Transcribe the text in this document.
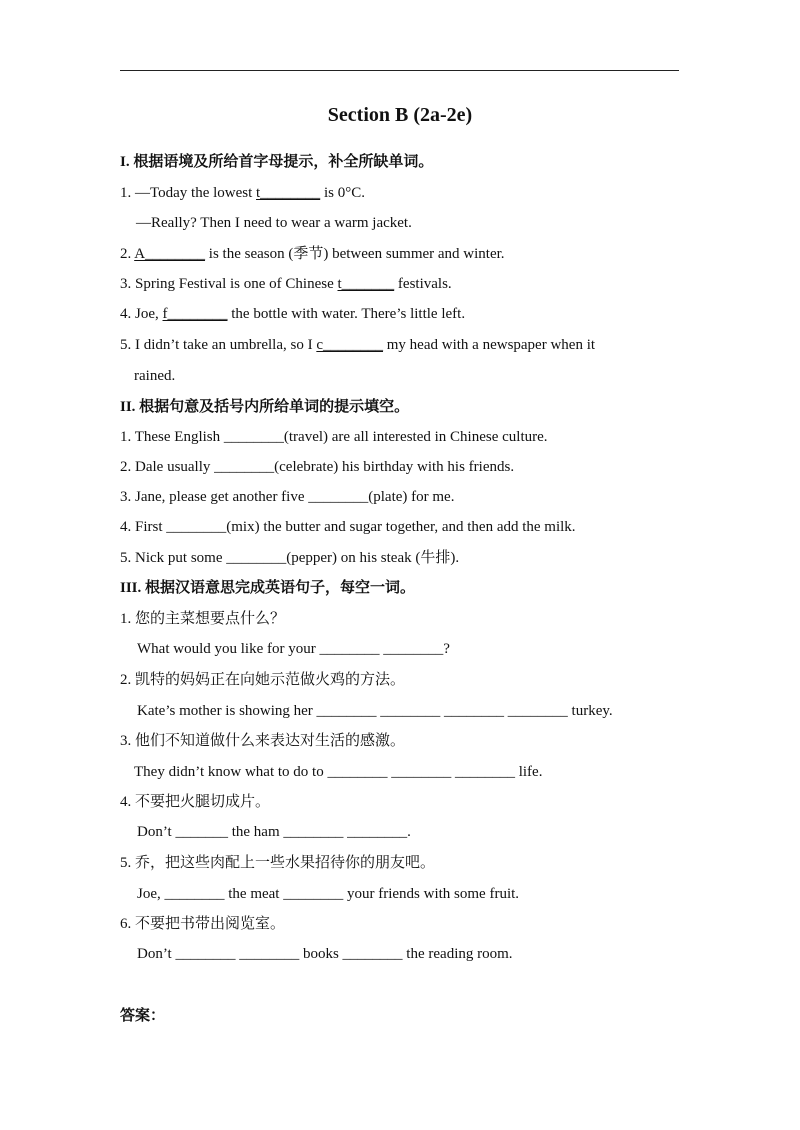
Section B (2a-2e)
I. 根据语境及所给首字母提示，补全所缺单词。
1. —Today the lowest t________ is 0°C.
—Really? Then I need to wear a warm jacket.
2. A________ is the season (季节) between summer and winter.
3. Spring Festival is one of Chinese t_______ festivals.
4. Joe, f________ the bottle with water. There’s little left.
5. I didn’t take an umbrella, so I c________ my head with a newspaper when it
rained.
II. 根据句意及括号内所给单词的提示填空。
1. These English ________(travel) are all interested in Chinese culture.
2. Dale usually ________(celebrate) his birthday with his friends.
3. Jane, please get another five ________(plate) for me.
4. First ________(mix) the butter and sugar together, and then add the milk.
5. Nick put some ________(pepper) on his steak (牛排).
III. 根据汉语意思完成英语句子，每空一词。
1. 您的主菜想要点什么？
What would you like for your ________ ________?
2. 凯特的妈妈正在向她示范做火鸡的方法。
Kate’s mother is showing her ________ ________ ________ ________ turkey.
3. 他们不知道做什么来表达对生活的感激。
They didn’t know what to do to ________ ________ ________ life.
4. 不要把火腿切成片。
Don’t _______ the ham ________ ________.
5. 乔，把这些肉配上一些水果招待你的朋友吧。
Joe, ________ the meat ________ your friends with some fruit.
6. 不要把书带出阅览室。
Don’t ________ ________ books ________ the reading room.
答案：
